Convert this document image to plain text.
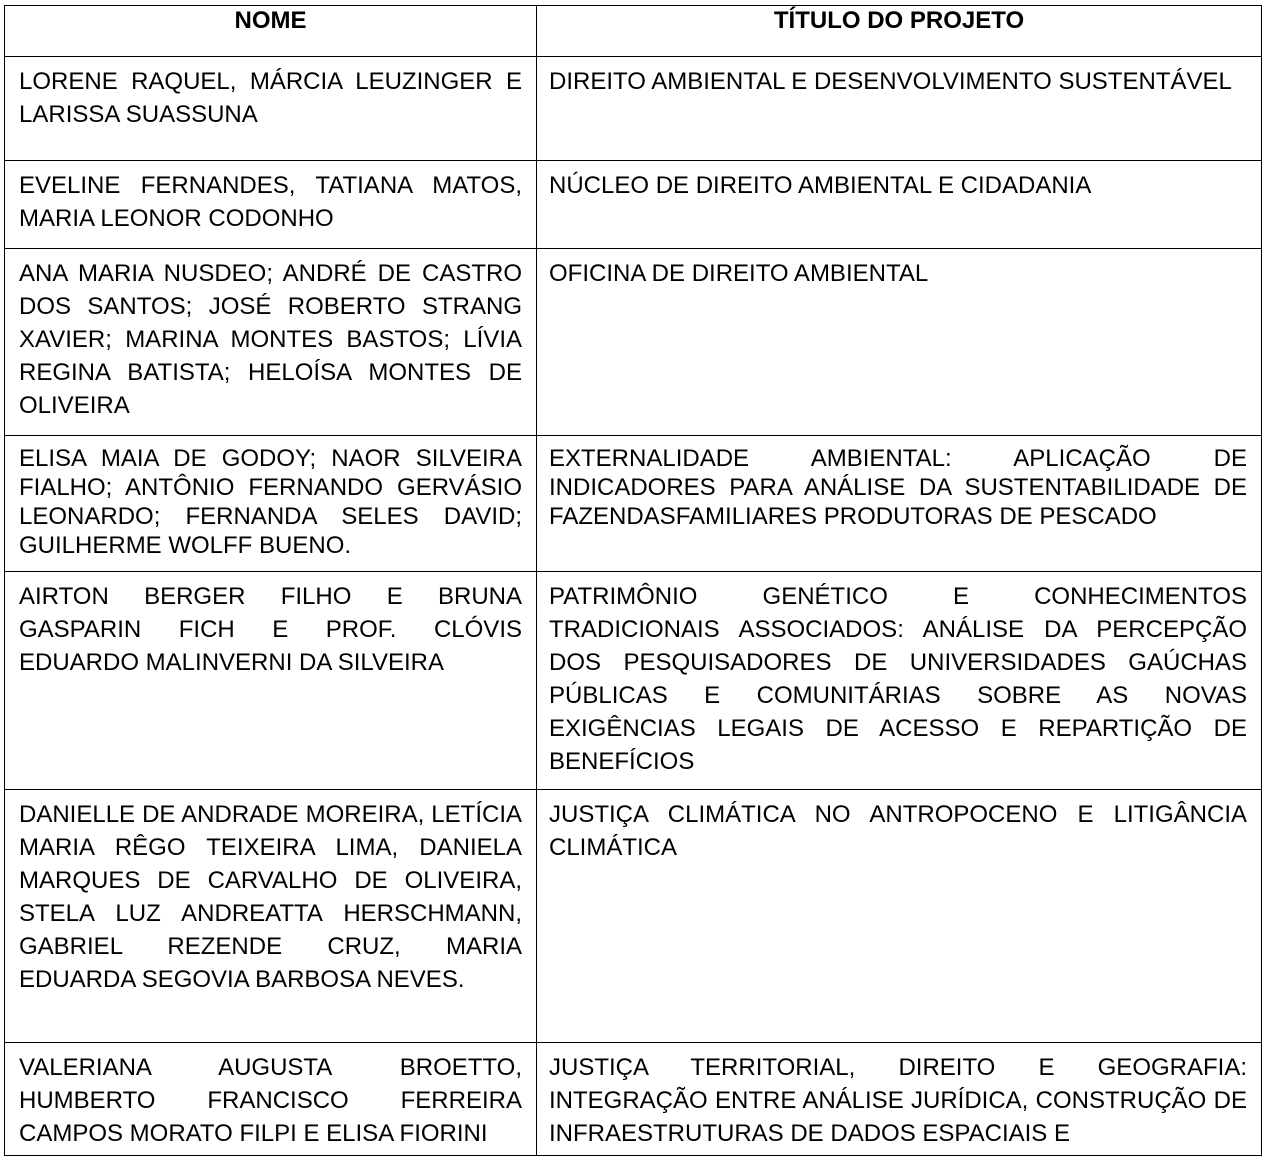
NOME	TÍTULO DO PROJETO
LORENE RAQUEL, MÁRCIA LEUZINGER E LARISSA SUASSUNA	DIREITO AMBIENTAL E DESENVOLVIMENTO SUSTENTÁVEL
EVELINE FERNANDES, TATIANA MATOS, MARIA LEONOR CODONHO	NÚCLEO DE DIREITO AMBIENTAL E CIDADANIA
ANA MARIA NUSDEO; ANDRÉ DE CASTRO DOS SANTOS; JOSÉ ROBERTO STRANG XAVIER; MARINA MONTES BASTOS; LÍVIA REGINA BATISTA; HELOÍSA MONTES DE OLIVEIRA	OFICINA DE DIREITO AMBIENTAL
ELISA MAIA DE GODOY; NAOR SILVEIRA FIALHO; ANTÔNIO FERNANDO GERVÁSIO LEONARDO; FERNANDA SELES DAVID; GUILHERME WOLFF BUENO.	EXTERNALIDADE AMBIENTAL: APLICAÇÃO DE INDICADORES PARA ANÁLISE DA SUSTENTABILIDADE DE FAZENDASFAMILIARES PRODUTORAS DE PESCADO
AIRTON BERGER FILHO E BRUNA GASPARIN FICH E PROF. CLÓVIS EDUARDO MALINVERNI DA SILVEIRA	PATRIMÔNIO GENÉTICO E CONHECIMENTOS TRADICIONAIS ASSOCIADOS: ANÁLISE DA PERCEPÇÃO DOS PESQUISADORES DE UNIVERSIDADES GAÚCHAS PÚBLICAS E COMUNITÁRIAS SOBRE AS NOVAS EXIGÊNCIAS LEGAIS DE ACESSO E REPARTIÇÃO DE BENEFÍCIOS
DANIELLE DE ANDRADE MOREIRA, LETÍCIA MARIA RÊGO TEIXEIRA LIMA, DANIELA MARQUES DE CARVALHO DE OLIVEIRA, STELA LUZ ANDREATTA HERSCHMANN, GABRIEL REZENDE CRUZ, MARIA EDUARDA SEGOVIA BARBOSA NEVES.	JUSTIÇA CLIMÁTICA NO ANTROPOCENO E LITIGÂNCIA CLIMÁTICA
VALERIANA AUGUSTA BROETTO, HUMBERTO FRANCISCO FERREIRA CAMPOS MORATO FILPI E ELISA FIORINI	JUSTIÇA TERRITORIAL, DIREITO E GEOGRAFIA: INTEGRAÇÃO ENTRE ANÁLISE JURÍDICA, CONSTRUÇÃO DE INFRAESTRUTURAS DE DADOS ESPACIAIS E
